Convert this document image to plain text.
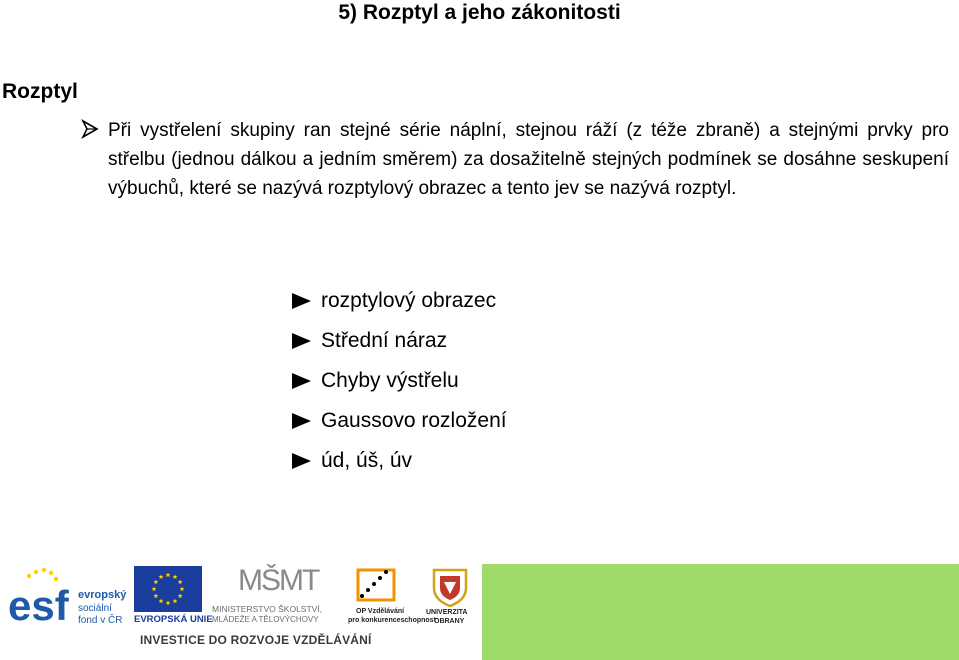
5) Rozptyl a jeho zákonitosti
Rozptyl

Při vystřelení skupiny ran stejné série náplní, stejnou ráží (z téže zbraně) a stejnými prvky pro střelbu (jednou dálkou a jedním směrem) za dosažitelně stejných podmínek se dosáhne seskupení výbuchů, které se nazývá rozptylový obrazec a tento jev se nazývá rozptyl.

rozptylový obrazec
Střední náraz
Chyby výstřelu
Gaussovo rozložení
úd, úš, úv
esf evropský
sociální
fond v ČR EVROPSKÁ UNIE
MŠMT
MINISTERSTVO ŠKOLSTVÍ,
MLÁDEŽE A TĚLOVÝCHOVY
OP Vzdělávání
pro konkurenceschopnost
UNIVERZITA
OBRANY
INVESTICE DO ROZVOJE VZDĚLÁVÁNÍ
